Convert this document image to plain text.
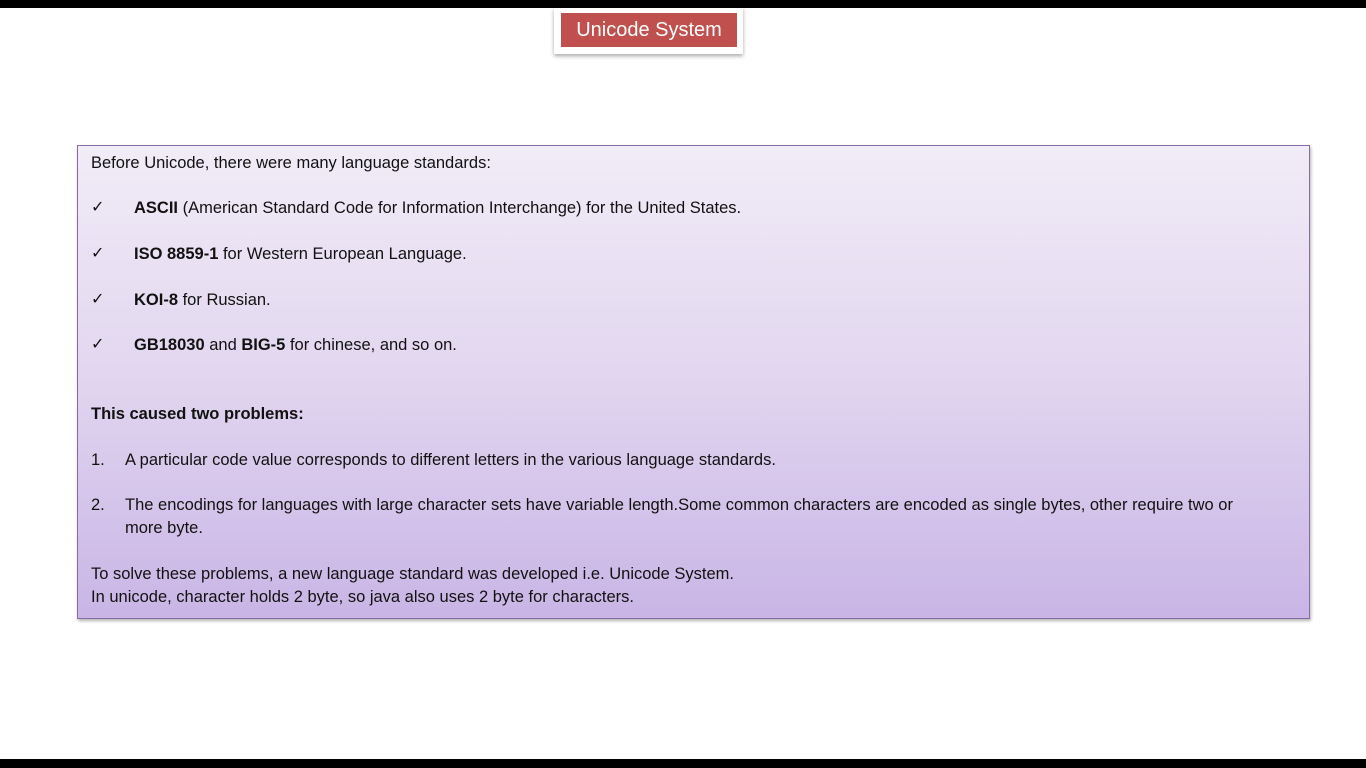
Unicode System
Before Unicode, there were many language standards:
✓ ASCII (American Standard Code for Information Interchange) for the United States.
✓ ISO 8859-1 for Western European Language.
✓ KOI-8 for Russian.
✓ GB18030 and BIG-5 for chinese, and so on.
This caused two problems:
1. A particular code value corresponds to different letters in the various language standards.
2. The encodings for languages with large character sets have variable length.Some common characters are encoded as single bytes, other require two or
more byte.
To solve these problems, a new language standard was developed i.e. Unicode System.
In unicode, character holds 2 byte, so java also uses 2 byte for characters.
